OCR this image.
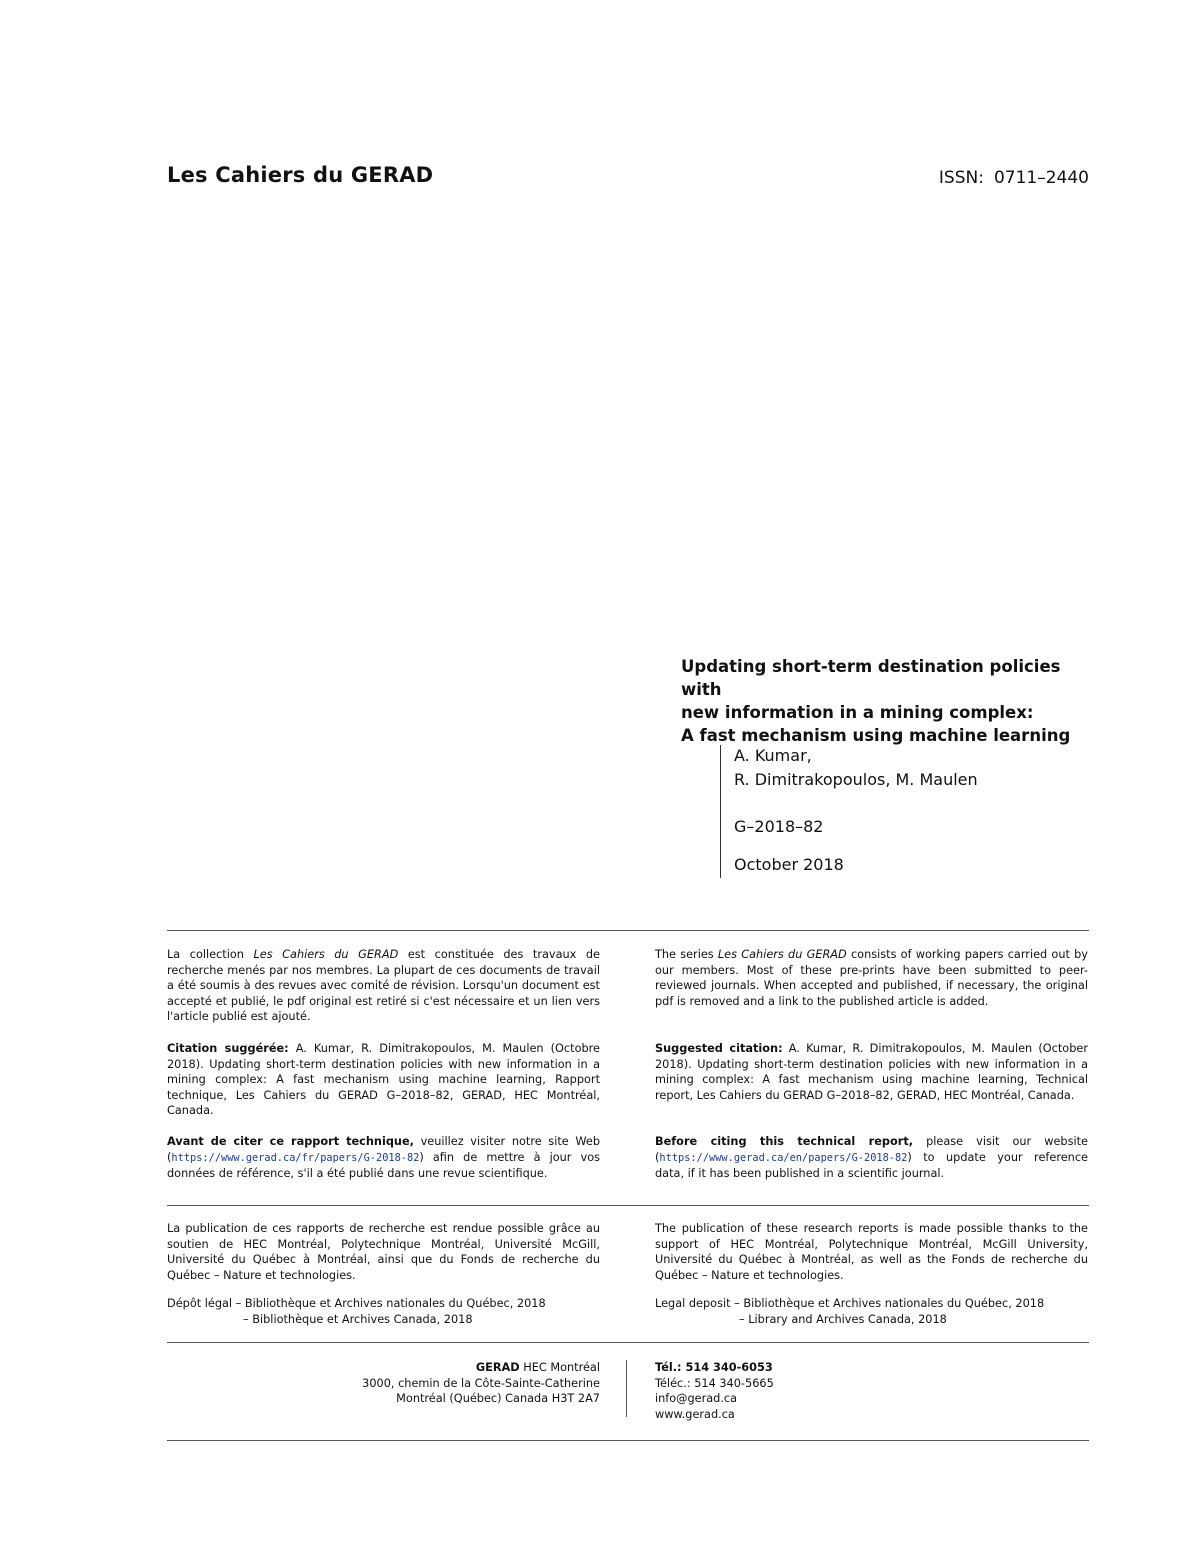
Les Cahiers du GERAD	ISSN: 0711–2440
Updating short-term destination policies with
new information in a mining complex:
A fast mechanism using machine learning
A. Kumar,
R. Dimitrakopoulos, M. Maulen
G–2018–82
October 2018
La collection Les Cahiers du GERAD est constituée des travaux de recherche menés par nos membres. La plupart de ces documents de travail a été soumis à des revues avec comité de révision. Lorsqu'un document est accepté et publié, le pdf original est retiré si c'est nécessaire et un lien vers l'article publié est ajouté.
Citation suggérée: A. Kumar, R. Dimitrakopoulos, M. Maulen (Octobre 2018). Updating short-term destination policies with new information in a mining complex: A fast mechanism using machine learning, Rapport technique, Les Cahiers du GERAD G–2018–82, GERAD, HEC Montréal, Canada.
Avant de citer ce rapport technique, veuillez visiter notre site Web (https://www.gerad.ca/fr/papers/G-2018-82) afin de mettre à jour vos données de référence, s'il a été publié dans une revue scientifique.
The series Les Cahiers du GERAD consists of working papers carried out by our members. Most of these pre-prints have been submitted to peer-reviewed journals. When accepted and published, if necessary, the original pdf is removed and a link to the published article is added.
Suggested citation: A. Kumar, R. Dimitrakopoulos, M. Maulen (October 2018). Updating short-term destination policies with new information in a mining complex: A fast mechanism using machine learning, Technical report, Les Cahiers du GERAD G–2018–82, GERAD, HEC Montréal, Canada.
Before citing this technical report, please visit our website (https://www.gerad.ca/en/papers/G-2018-82) to update your reference data, if it has been published in a scientific journal.
La publication de ces rapports de recherche est rendue possible grâce au soutien de HEC Montréal, Polytechnique Montréal, Université McGill, Université du Québec à Montréal, ainsi que du Fonds de recherche du Québec – Nature et technologies.
The publication of these research reports is made possible thanks to the support of HEC Montréal, Polytechnique Montréal, McGill University, Université du Québec à Montréal, as well as the Fonds de recherche du Québec – Nature et technologies.
Dépôt légal – Bibliothèque et Archives nationales du Québec, 2018
– Bibliothèque et Archives Canada, 2018
Legal deposit – Bibliothèque et Archives nationales du Québec, 2018
– Library and Archives Canada, 2018
GERAD HEC Montréal
3000, chemin de la Côte-Sainte-Catherine
Montréal (Québec) Canada H3T 2A7
Tél.: 514 340-6053
Téléc.: 514 340-5665
info@gerad.ca
www.gerad.ca
